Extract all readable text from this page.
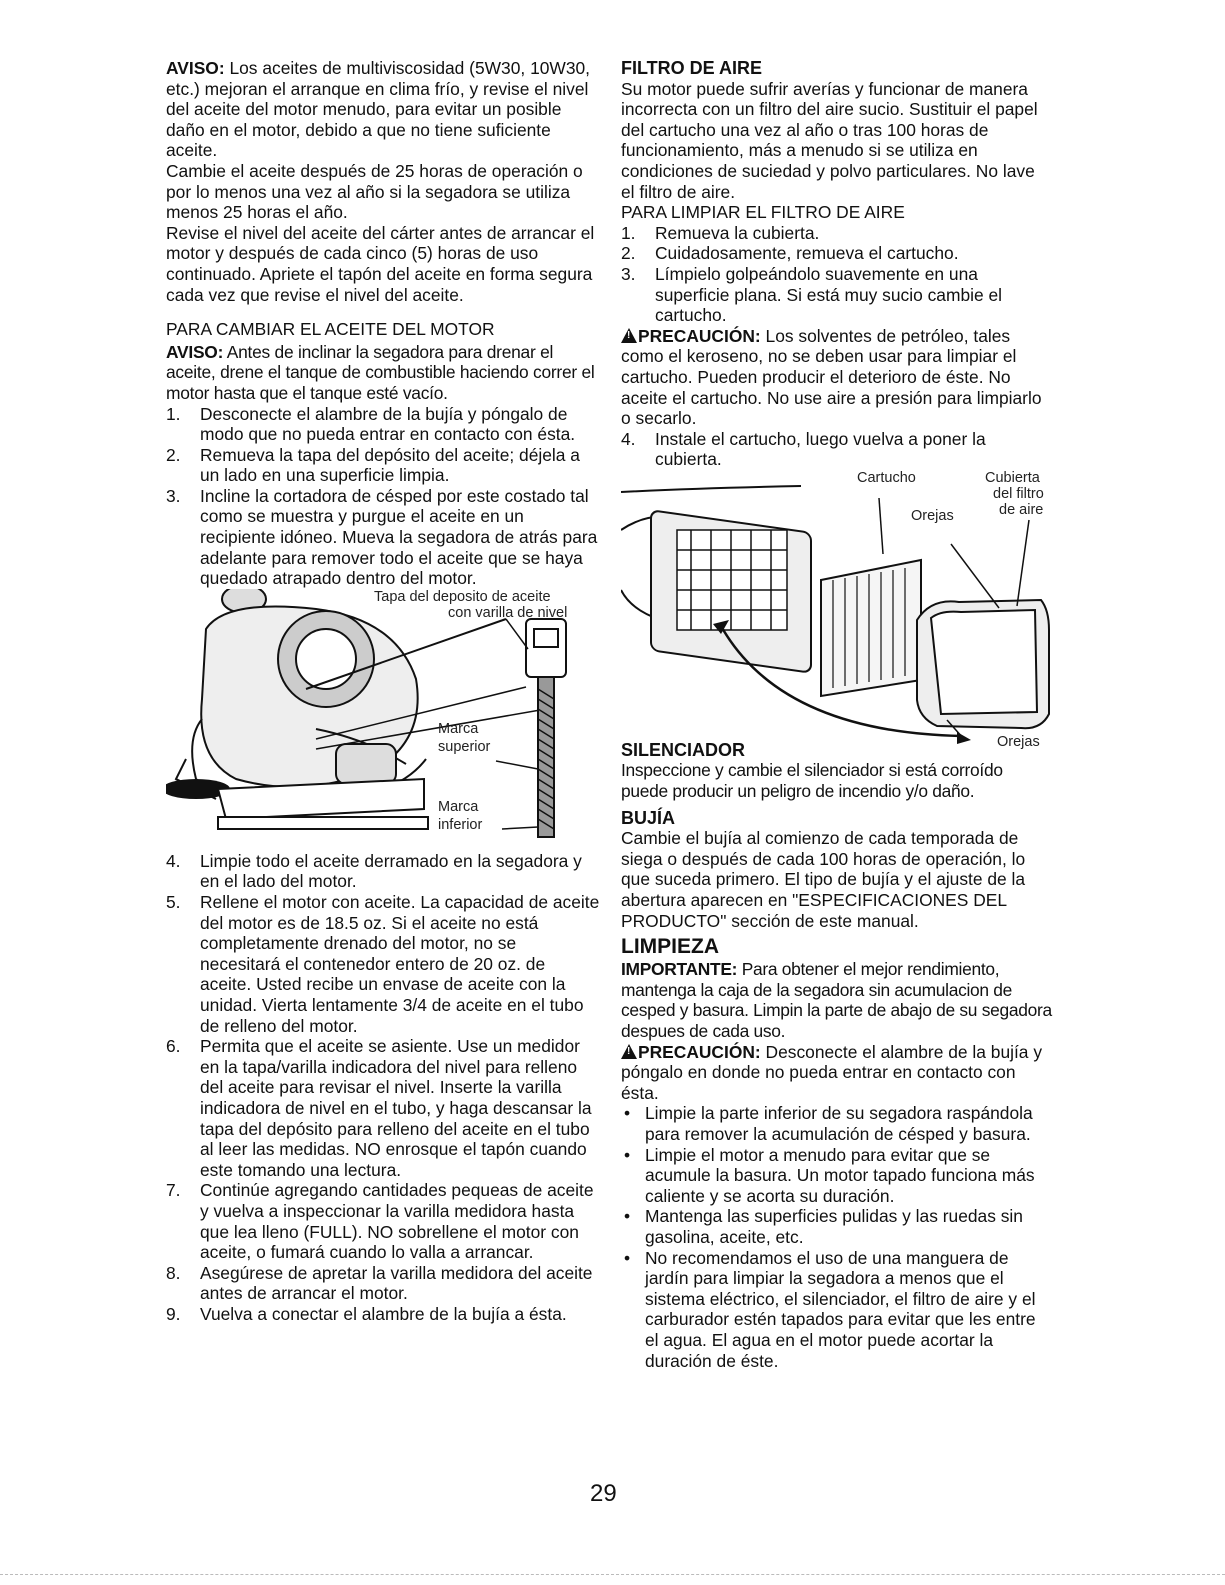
AVISO: Los aceites de multiviscosidad (5W30, 10W30, etc.) mejoran el arranque en clima frío, y revise el nivel del aceite del motor menudo, para evitar un posible daño en el motor, debido a que no tiene suficiente aceite.

Cambie el aceite después de 25 horas de operación o por lo menos una vez al año si la segadora se utiliza menos 25 horas el año.

Revise el nivel del aceite del cárter antes de arrancar el motor y después de cada cinco (5) horas de uso continuado. Apriete el tapón del aceite en forma segura cada vez que revise el nivel del aceite.

PARA CAMBIAR EL ACEITE DEL MOTOR

AVISO: Antes de inclinar la segadora para drenar el aceite, drene el tanque de combustible haciendo correr el motor hasta que el tanque esté vacío.

1. Desconecte el alambre de la bujía y póngalo de modo que no pueda entrar en contacto con ésta.
2. Remueva la tapa del depósito del aceite; déjela a un lado en una superficie limpia.
3. Incline la cortadora de césped por este costado tal como se muestra y purgue el aceite en un recipiente idóneo. Mueva la segadora de atrás para adelante para remover todo el aceite que se haya quedado atrapado dentro del motor.
Tapa del deposito de aceite
con varilla de nivel
Marca
superior
Marca
inferior
4. Limpie todo el aceite derramado en la segadora y en el lado del motor.
5. Rellene el motor con aceite. La capacidad de aceite del motor es de 18.5 oz. Si el aceite no está completamente drenado del motor, no se necesitará el contenedor entero de 20 oz. de aceite. Usted recibe un envase de aceite con la unidad. Vierta lentamente 3/4 de aceite en el tubo de relleno del motor.
6. Permita que el aceite se asiente. Use un medidor en la tapa/varilla indicadora del nivel para relleno del aceite para revisar el nivel. Inserte la varilla indicadora de nivel en el tubo, y haga descansar la tapa del depósito para relleno del aceite en el tubo al leer las medidas. NO enrosque el tapón cuando este tomando una lectura.
7. Continúe agregando cantidades pequeas de aceite y vuelva a inspeccionar la varilla medidora hasta que lea lleno (FULL). NO sobrellene el motor con aceite, o fumará cuando lo valla a arrancar.
8. Asegúrese de apretar la varilla medidora del aceite antes de arrancar el motor.
9. Vuelva a conectar el alambre de la bujía a ésta.

FILTRO DE AIRE

Su motor puede sufrir averías y funcionar de manera incorrecta con un filtro del aire sucio. Sustituir el papel del cartucho una vez al año o tras 100 horas de funcionamiento, más a menudo si se utiliza en condiciones de suciedad y polvo particulares. No lave el filtro de aire.

PARA LIMPIAR EL FILTRO DE AIRE

1. Remueva la cubierta.
2. Cuidadosamente, remueva el cartucho.
3. Límpielo golpeándolo suavemente en una superficie plana. Si está muy sucio cambie el cartucho.

!PRECAUCIÓN: Los solventes de petróleo, tales como el keroseno, no se deben usar para limpiar el cartucho. Pueden producir el deterioro de éste. No aceite el cartucho. No use aire a presión para limpiarlo o secarlo.

4. Instale el cartucho, luego vuelva a poner la cubierta.
Cartucho	Cubierta
del filtro
de aire
Orejas
Orejas

SILENCIADOR

Inspeccione y cambie el silenciador si está corroído puede producir un peligro de incendio y/o daño.

BUJÍA

Cambie el bujía al comienzo de cada temporada de siega o después de cada 100 horas de operación, lo que suceda primero. El tipo de bujía y el ajuste de la abertura aparecen en "ESPECIFICACIONES DEL PRODUCTO" sección de este manual.

LIMPIEZA

IMPORTANTE: Para obtener el mejor rendimiento, mantenga la caja de la segadora sin acumulacion de cesped y basura. Limpin la parte de abajo de su segadora despues de cada uso.

!PRECAUCIÓN: Desconecte el alambre de la bujía y póngalo en donde no pueda entrar en contacto con ésta.

• Limpie la parte inferior de su segadora raspándola para remover la acumulación de césped y basura.
• Limpie el motor a menudo para evitar que se acumule la basura. Un motor tapado funciona más caliente y se acorta su duración.
• Mantenga las superficies pulidas y las ruedas sin gasolina, aceite, etc.
• No recomendamos el uso de una manguera de jardín para limpiar la segadora a menos que el sistema eléctrico, el silenciador, el filtro de aire y el carburador estén tapados para evitar que les entre el agua. El agua en el motor puede acortar la duración de éste.
29
